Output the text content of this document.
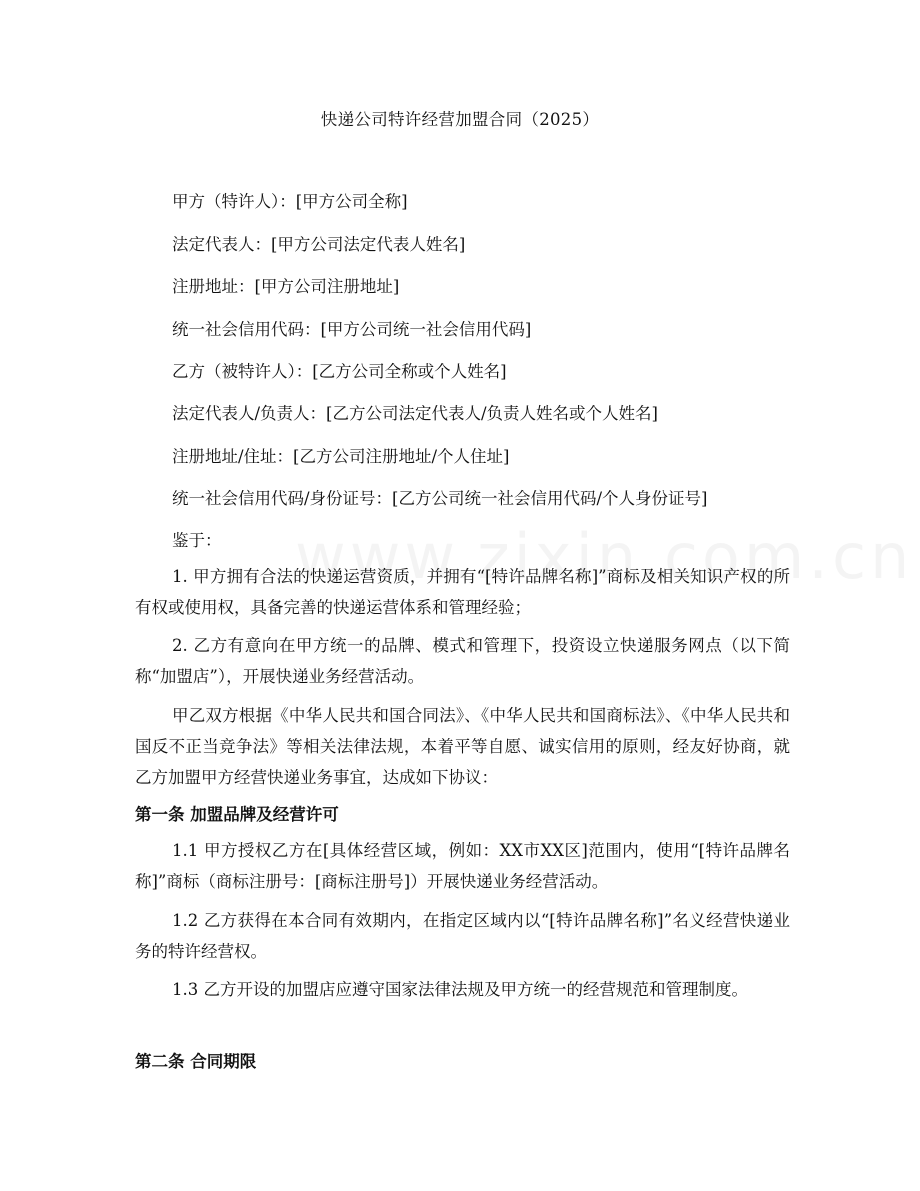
快递公司特许经营加盟合同（2025）
甲方（特许人）：[甲方公司全称]
法定代表人：[甲方公司法定代表人姓名]
注册地址：[甲方公司注册地址]
统一社会信用代码：[甲方公司统一社会信用代码]
乙方（被特许人）：[乙方公司全称或个人姓名]
法定代表人/负责人：[乙方公司法定代表人/负责人姓名或个人姓名]
注册地址/住址：[乙方公司注册地址/个人住址]
统一社会信用代码/身份证号：[乙方公司统一社会信用代码/个人身份证号]
鉴于：
1. 甲方拥有合法的快递运营资质，并拥有“[特许品牌名称]”商标及相关知识产权的所有权或使用权，具备完善的快递运营体系和管理经验；
2. 乙方有意向在甲方统一的品牌、模式和管理下，投资设立快递服务网点（以下简称“加盟店”），开展快递业务经营活动。
甲乙双方根据《中华人民共和国合同法》、《中华人民共和国商标法》、《中华人民共和国反不正当竞争法》等相关法律法规，本着平等自愿、诚实信用的原则，经友好协商，就乙方加盟甲方经营快递业务事宜，达成如下协议：
第一条 加盟品牌及经营许可
1.1 甲方授权乙方在[具体经营区域，例如：XX市XX区]范围内，使用“[特许品牌名称]”商标（商标注册号：[商标注册号]）开展快递业务经营活动。
1.2 乙方获得在本合同有效期内，在指定区域内以“[特许品牌名称]”名义经营快递业务的特许经营权。
1.3 乙方开设的加盟店应遵守国家法律法规及甲方统一的经营规范和管理制度。
第二条 合同期限
